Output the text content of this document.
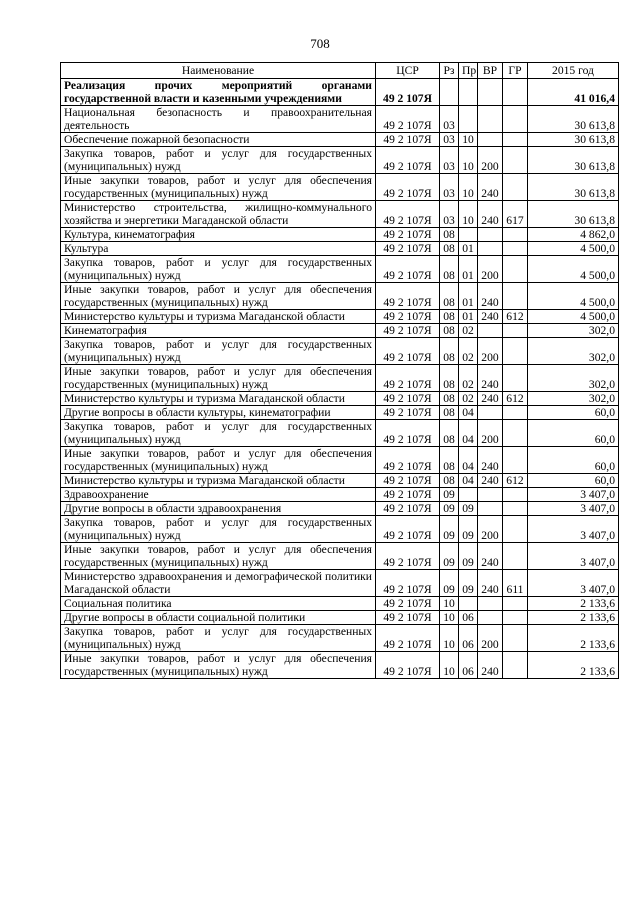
708
Наименование	ЦСР	Рз	Пр	ВР	ГР	2015 год
Реализация прочих мероприятий органами государственной власти и казенными учреждениями	49 2 107Я					41 016,4
Национальная безопасность и правоохранительная деятельность	49 2 107Я	03				30 613,8
Обеспечение пожарной безопасности	49 2 107Я	03	10			30 613,8
Закупка товаров, работ и услуг для государственных (муниципальных) нужд	49 2 107Я	03	10	200		30 613,8
Иные закупки товаров, работ и услуг для обеспечения государственных (муниципальных) нужд	49 2 107Я	03	10	240		30 613,8
Министерство строительства, жилищно-коммунального хозяйства и энергетики Магаданской области	49 2 107Я	03	10	240	617	30 613,8
Культура, кинематография	49 2 107Я	08				4 862,0
Культура	49 2 107Я	08	01			4 500,0
Закупка товаров, работ и услуг для государственных (муниципальных) нужд	49 2 107Я	08	01	200		4 500,0
Иные закупки товаров, работ и услуг для обеспечения государственных (муниципальных) нужд	49 2 107Я	08	01	240		4 500,0
Министерство культуры и туризма Магаданской области	49 2 107Я	08	01	240	612	4 500,0
Кинематография	49 2 107Я	08	02			302,0
Закупка товаров, работ и услуг для государственных (муниципальных) нужд	49 2 107Я	08	02	200		302,0
Иные закупки товаров, работ и услуг для обеспечения государственных (муниципальных) нужд	49 2 107Я	08	02	240		302,0
Министерство культуры и туризма Магаданской области	49 2 107Я	08	02	240	612	302,0
Другие вопросы в области культуры, кинематографии	49 2 107Я	08	04			60,0
Закупка товаров, работ и услуг для государственных (муниципальных) нужд	49 2 107Я	08	04	200		60,0
Иные закупки товаров, работ и услуг для обеспечения государственных (муниципальных) нужд	49 2 107Я	08	04	240		60,0
Министерство культуры и туризма Магаданской области	49 2 107Я	08	04	240	612	60,0
Здравоохранение	49 2 107Я	09				3 407,0
Другие вопросы в области здравоохранения	49 2 107Я	09	09			3 407,0
Закупка товаров, работ и услуг для государственных (муниципальных) нужд	49 2 107Я	09	09	200		3 407,0
Иные закупки товаров, работ и услуг для обеспечения государственных (муниципальных) нужд	49 2 107Я	09	09	240		3 407,0
Министерство здравоохранения и демографической политики Магаданской области	49 2 107Я	09	09	240	611	3 407,0
Социальная политика	49 2 107Я	10				2 133,6
Другие вопросы в области социальной политики	49 2 107Я	10	06			2 133,6
Закупка товаров, работ и услуг для государственных (муниципальных) нужд	49 2 107Я	10	06	200		2 133,6
Иные закупки товаров, работ и услуг для обеспечения государственных (муниципальных) нужд	49 2 107Я	10	06	240		2 133,6
